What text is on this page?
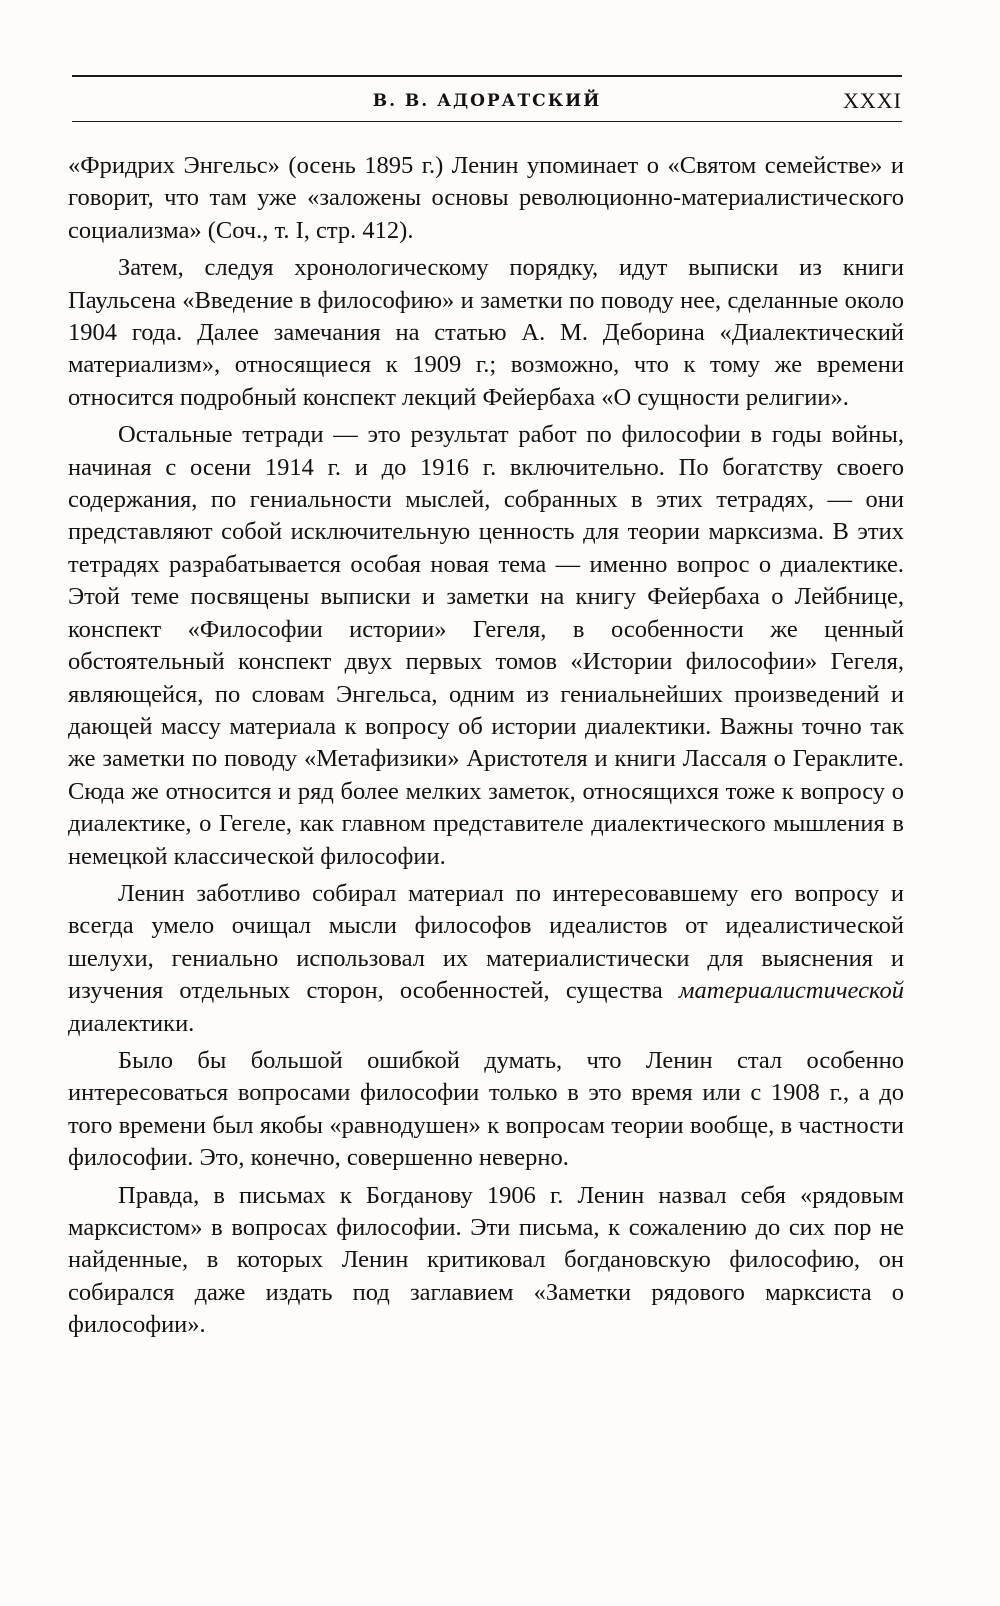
В. В. АДОРАТСКИЙ	XXXI

«Фридрих Энгельс» (осень 1895 г.) Ленин упоминает о «Святом семействе» и говорит, что там уже «заложены основы революционно-материалистического социализма» (Соч., т. I, стр. 412).

Затем, следуя хронологическому порядку, идут выписки из книги Паульсена «Введение в философию» и заметки по поводу нее, сделанные около 1904 года. Далее замечания на статью А. М. Деборина «Диалектический материализм», относящиеся к 1909 г.; возможно, что к тому же времени относится подробный конспект лекций Фейербаха «О сущности религии».

Остальные тетради — это результат работ по философии в годы войны, начиная с осени 1914 г. и до 1916 г. включительно. По богатству своего содержания, по гениальности мыслей, собранных в этих тетрадях, — они представляют собой исключительную ценность для теории марксизма. В этих тетрадях разрабатывается особая новая тема — именно вопрос о диалектике. Этой теме посвящены выписки и заметки на книгу Фейербаха о Лейбнице, конспект «Философии истории» Гегеля, в особенности же ценный обстоятельный конспект двух первых томов «Истории философии» Гегеля, являющейся, по словам Энгельса, одним из гениальнейших произведений и дающей массу материала к вопросу об истории диалектики. Важны точно так же заметки по поводу «Метафизики» Аристотеля и книги Лассаля о Гераклите. Сюда же относится и ряд более мелких заметок, относящихся тоже к вопросу о диалектике, о Гегеле, как главном представителе диалектического мышления в немецкой классической философии.

Ленин заботливо собирал материал по интересовавшему его вопросу и всегда умело очищал мысли философов идеалистов от идеалистической шелухи, гениально использовал их материалистически для выяснения и изучения отдельных сторон, особенностей, существа материалистической диалектики.

Было бы большой ошибкой думать, что Ленин стал особенно интересоваться вопросами философии только в это время или с 1908 г., а до того времени был якобы «равнодушен» к вопросам теории вообще, в частности философии. Это, конечно, совершенно неверно.

Правда, в письмах к Богданову 1906 г. Ленин назвал себя «рядовым марксистом» в вопросах философии. Эти письма, к сожалению до сих пор не найденные, в которых Ленин критиковал богдановскую философию, он собирался даже издать под заглавием «Заметки рядового марксиста о философии».
